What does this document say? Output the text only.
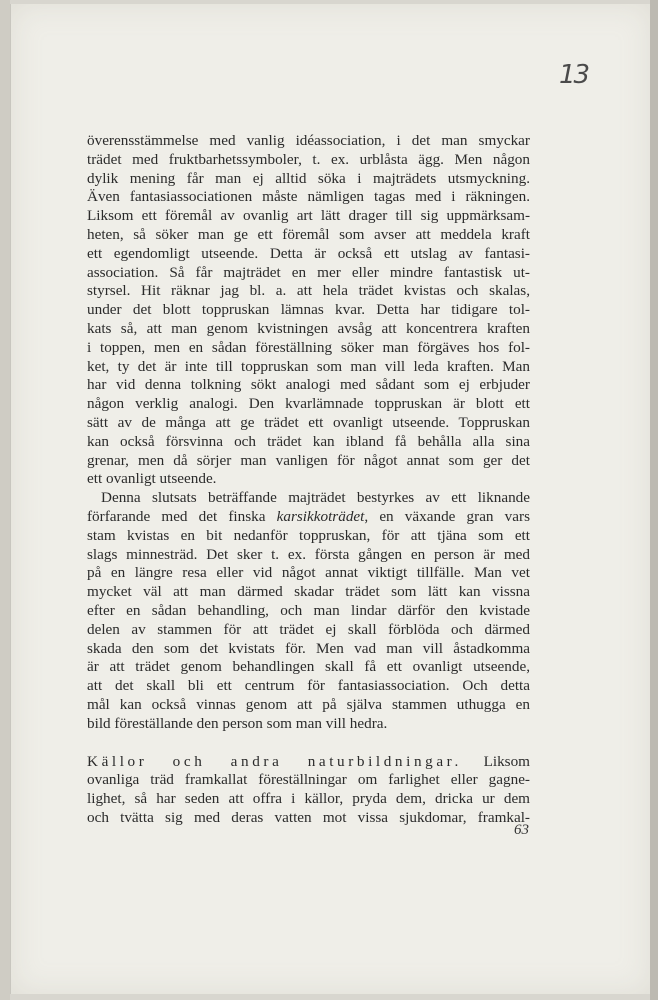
13
överensstämmelse med vanlig idéassociation, i det man smyckar
trädet med fruktbarhetssymboler, t. ex. urblåsta ägg. Men någon
dylik mening får man ej alltid söka i majträdets utsmyckning.
Även fantasiassociationen måste nämligen tagas med i räkningen.
Liksom ett föremål av ovanlig art lätt drager till sig uppmärksam-
heten, så söker man ge ett föremål som avser att meddela kraft
ett egendomligt utseende. Detta är också ett utslag av fantasi-
association. Så får majträdet en mer eller mindre fantastisk ut-
styrsel. Hit räknar jag bl. a. att hela trädet kvistas och skalas,
under det blott toppruskan lämnas kvar. Detta har tidigare tol-
kats så, att man genom kvistningen avsåg att koncentrera kraften
i toppen, men en sådan föreställning söker man förgäves hos fol-
ket, ty det är inte till toppruskan som man vill leda kraften. Man
har vid denna tolkning sökt analogi med sådant som ej erbjuder
någon verklig analogi. Den kvarlämnade toppruskan är blott ett
sätt av de många att ge trädet ett ovanligt utseende. Toppruskan
kan också försvinna och trädet kan ibland få behålla alla sina
grenar, men då sörjer man vanligen för något annat som ger det
ett ovanligt utseende.
Denna slutsats beträffande majträdet bestyrkes av ett liknande
förfarande med det finska karsikkoträdet, en växande gran vars
stam kvistas en bit nedanför toppruskan, för att tjäna som ett
slags minnesträd. Det sker t. ex. första gången en person är med
på en längre resa eller vid något annat viktigt tillfälle. Man vet
mycket väl att man därmed skadar trädet som lätt kan vissna
efter en sådan behandling, och man lindar därför den kvistade
delen av stammen för att trädet ej skall förblöda och därmed
skada den som det kvistats för. Men vad man vill åstadkomma
är att trädet genom behandlingen skall få ett ovanligt utseende,
att det skall bli ett centrum för fantasiassociation. Och detta
mål kan också vinnas genom att på själva stammen uthugga en
bild föreställande den person som man vill hedra.
Källor och andra naturbildningar. Liksom
ovanliga träd framkallat föreställningar om farlighet eller gagne-
lighet, så har seden att offra i källor, pryda dem, dricka ur dem
och tvätta sig med deras vatten mot vissa sjukdomar, framkal-
63
